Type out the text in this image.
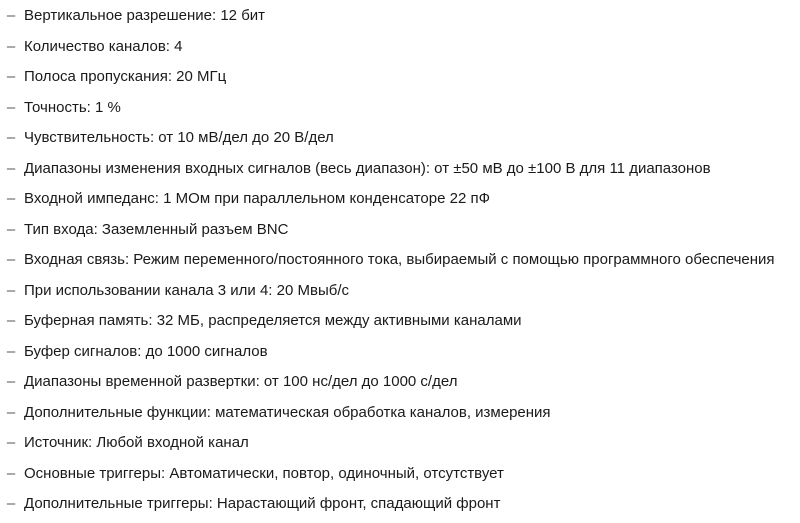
– Вертикальное разрешение: 12 бит
– Количество каналов: 4
– Полоса пропускания: 20 МГц
– Точность: 1 %
– Чувствительность: от 10 мВ/дел до 20 В/дел
– Диапазоны изменения входных сигналов (весь диапазон): от ±50 мВ до ±100 В для 11 диапазонов
– Входной импеданс: 1 МОм при параллельном конденсаторе 22 пФ
– Тип входа: Заземленный разъем BNC
– Входная связь: Режим переменного/постоянного тока, выбираемый с помощью программного обеспечения
– При использовании канала 3 или 4: 20 Мвыб/с
– Буферная память: 32 МБ, распределяется между активными каналами
– Буфер сигналов: до 1000 сигналов
– Диапазоны временной развертки: от 100 нс/дел до 1000 с/дел
– Дополнительные функции: математическая обработка каналов, измерения
– Источник: Любой входной канал
– Основные триггеры: Автоматически, повтор, одиночный, отсутствует
– Дополнительные триггеры: Нарастающий фронт, спадающий фронт
